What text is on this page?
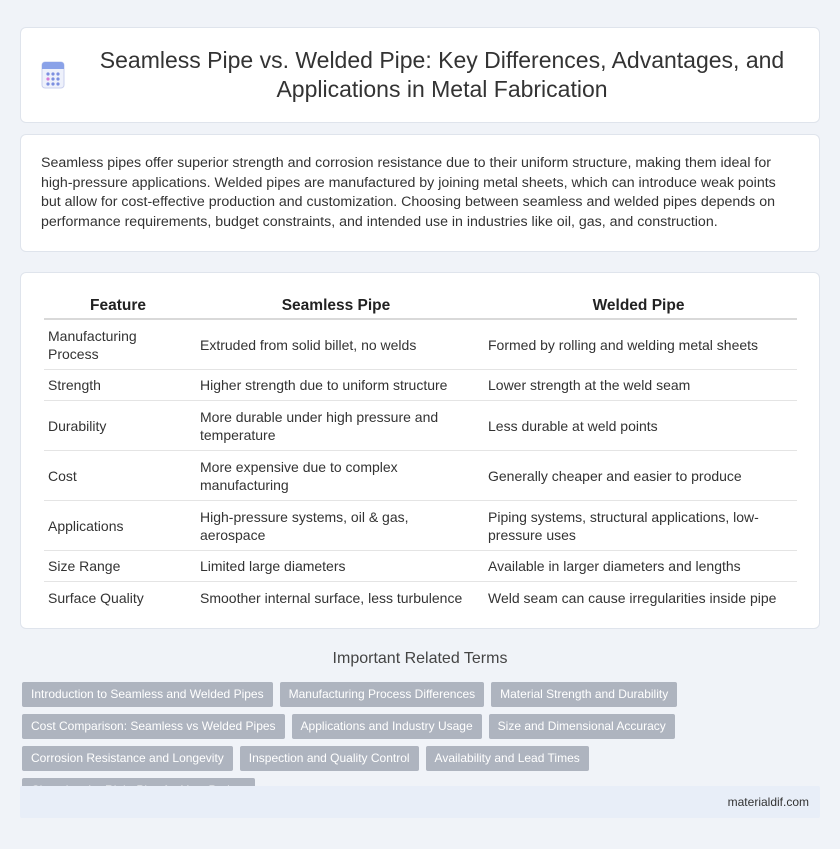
Seamless Pipe vs. Welded Pipe: Key Differences, Advantages, and Applications in Metal Fabrication

Seamless pipes offer superior strength and corrosion resistance due to their uniform structure, making them ideal for high-pressure applications. Welded pipes are manufactured by joining metal sheets, which can introduce weak points but allow for cost-effective production and customization. Choosing between seamless and welded pipes depends on performance requirements, budget constraints, and intended use in industries like oil, gas, and construction.

Feature	Seamless Pipe	Welded Pipe
Manufacturing Process	Extruded from solid billet, no welds	Formed by rolling and welding metal sheets
Strength	Higher strength due to uniform structure	Lower strength at the weld seam
Durability	More durable under high pressure and temperature	Less durable at weld points
Cost	More expensive due to complex manufacturing	Generally cheaper and easier to produce
Applications	High-pressure systems, oil & gas, aerospace	Piping systems, structural applications, low-pressure uses
Size Range	Limited large diameters	Available in larger diameters and lengths
Surface Quality	Smoother internal surface, less turbulence	Weld seam can cause irregularities inside pipe
Important Related Terms
Introduction to Seamless and Welded Pipes	Manufacturing Process Differences	Material Strength and Durability
Cost Comparison: Seamless vs Welded Pipes	Applications and Industry Usage	Size and Dimensional Accuracy
Corrosion Resistance and Longevity	Inspection and Quality Control	Availability and Lead Times
materialdif.com
